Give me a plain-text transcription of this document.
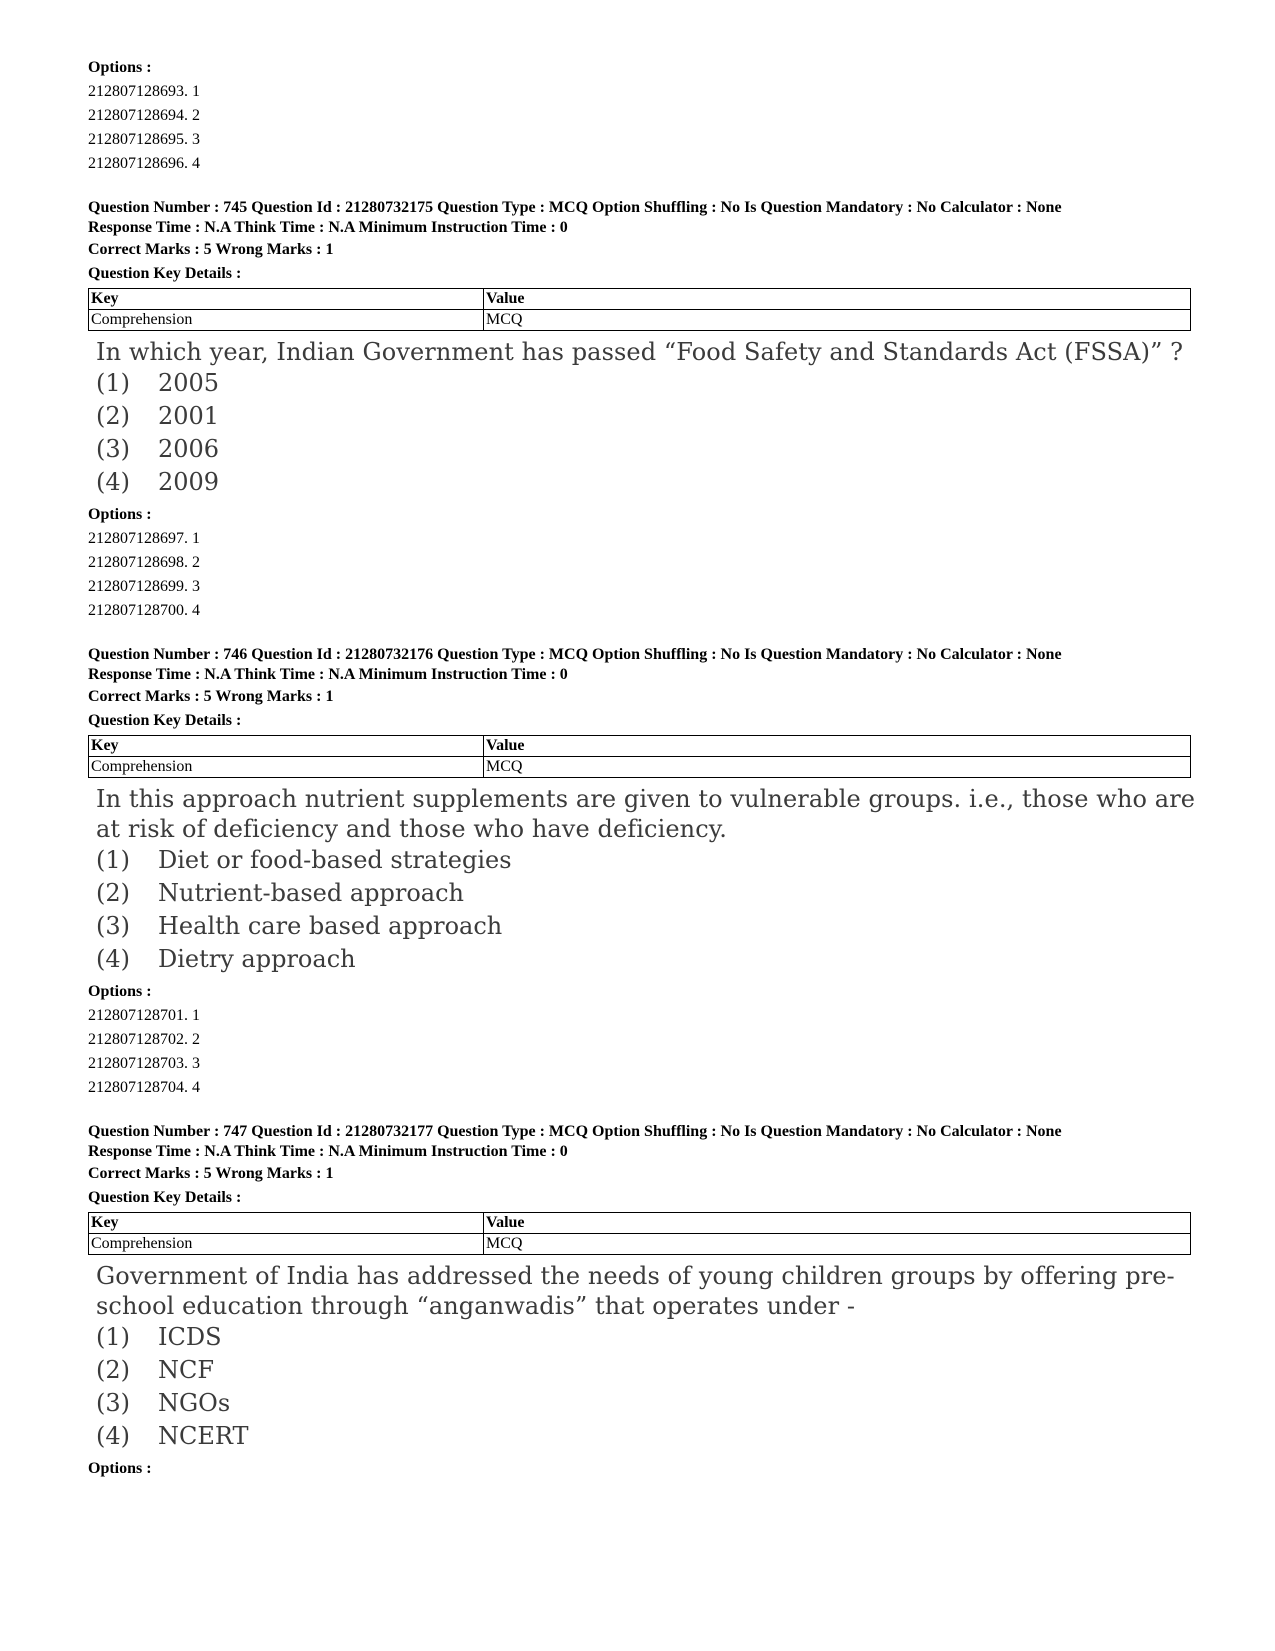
Options :
212807128693. 1
212807128694. 2
212807128695. 3
212807128696. 4
Question Number : 745 Question Id : 21280732175 Question Type : MCQ Option Shuffling : No Is Question Mandatory : No Calculator : None
Response Time : N.A Think Time : N.A Minimum Instruction Time : 0
Correct Marks : 5 Wrong Marks : 1
Question Key Details :
Key	Value
Comprehension	MCQ
In which year, Indian Government has passed “Food Safety and Standards Act (FSSA)” ?
(1) 2005
(2) 2001
(3) 2006
(4) 2009
Options :
212807128697. 1
212807128698. 2
212807128699. 3
212807128700. 4
Question Number : 746 Question Id : 21280732176 Question Type : MCQ Option Shuffling : No Is Question Mandatory : No Calculator : None
Response Time : N.A Think Time : N.A Minimum Instruction Time : 0
Correct Marks : 5 Wrong Marks : 1
Question Key Details :
Key	Value
Comprehension	MCQ
In this approach nutrient supplements are given to vulnerable groups. i.e., those who are at risk of deficiency and those who have deficiency.
(1) Diet or food-based strategies
(2) Nutrient-based approach
(3) Health care based approach
(4) Dietry approach
Options :
212807128701. 1
212807128702. 2
212807128703. 3
212807128704. 4
Question Number : 747 Question Id : 21280732177 Question Type : MCQ Option Shuffling : No Is Question Mandatory : No Calculator : None
Response Time : N.A Think Time : N.A Minimum Instruction Time : 0
Correct Marks : 5 Wrong Marks : 1
Question Key Details :
Key	Value
Comprehension	MCQ
Government of India has addressed the needs of young children groups by offering pre-school education through “anganwadis” that operates under -
(1) ICDS
(2) NCF
(3) NGOs
(4) NCERT
Options :
